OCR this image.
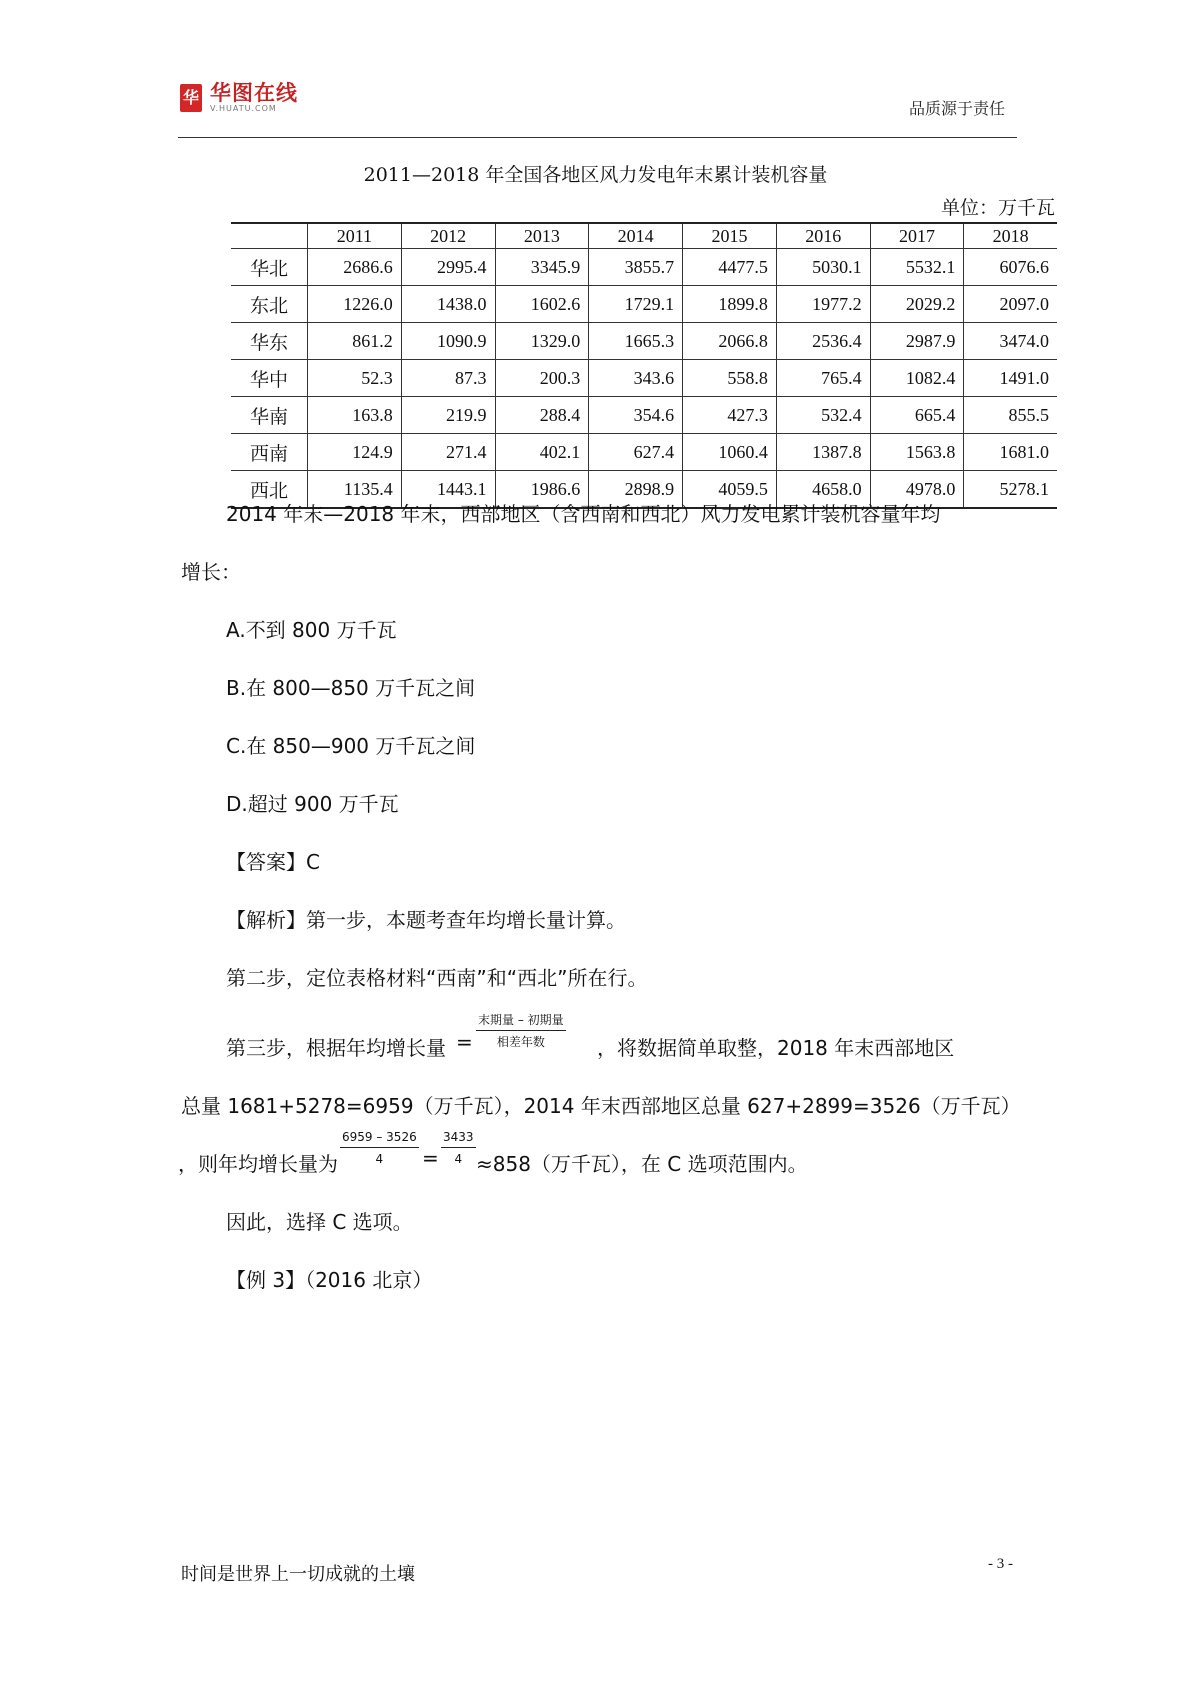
华 华图在线
V.HUATU.COM	品质源于责任
2011—2018 年全国各地区风力发电年末累计装机容量
单位：万千瓦
	2011	2012	2013	2014	2015	2016	2017	2018
华北	2686.6	2995.4	3345.9	3855.7	4477.5	5030.1	5532.1	6076.6
东北	1226.0	1438.0	1602.6	1729.1	1899.8	1977.2	2029.2	2097.0
华东	861.2	1090.9	1329.0	1665.3	2066.8	2536.4	2987.9	3474.0
华中	52.3	87.3	200.3	343.6	558.8	765.4	1082.4	1491.0
华南	163.8	219.9	288.4	354.6	427.3	532.4	665.4	855.5
西南	124.9	271.4	402.1	627.4	1060.4	1387.8	1563.8	1681.0
西北	1135.4	1443.1	1986.6	2898.9	4059.5	4658.0	4978.0	5278.1
2014 年末—2018 年末，西部地区（含西南和西北）风力发电累计装机容量年均
增长：
A.不到 800 万千瓦
B.在 800—850 万千瓦之间
C.在 850—900 万千瓦之间
D.超过 900 万千瓦
【答案】C
【解析】第一步，本题考查年均增长量计算。
第二步，定位表格材料“西南”和“西北”所在行。
第三步，根据年均增长量 =
末期量 – 初期量
相差年数	，将数据简单取整，2018 年末西部地区
总量 1681+5278=6959（万千瓦），2014 年末西部地区总量 627+2899=3526（万千瓦）
，则年均增长量为 $\frac{6959 - 3526}{4} = \frac{3433}{4} \approx 858$（万千瓦），在 C 选项范围内。
因此，选择 C 选项。
【例 3】（2016 北京）
时间是世界上一切成就的土壤	- 3 -
